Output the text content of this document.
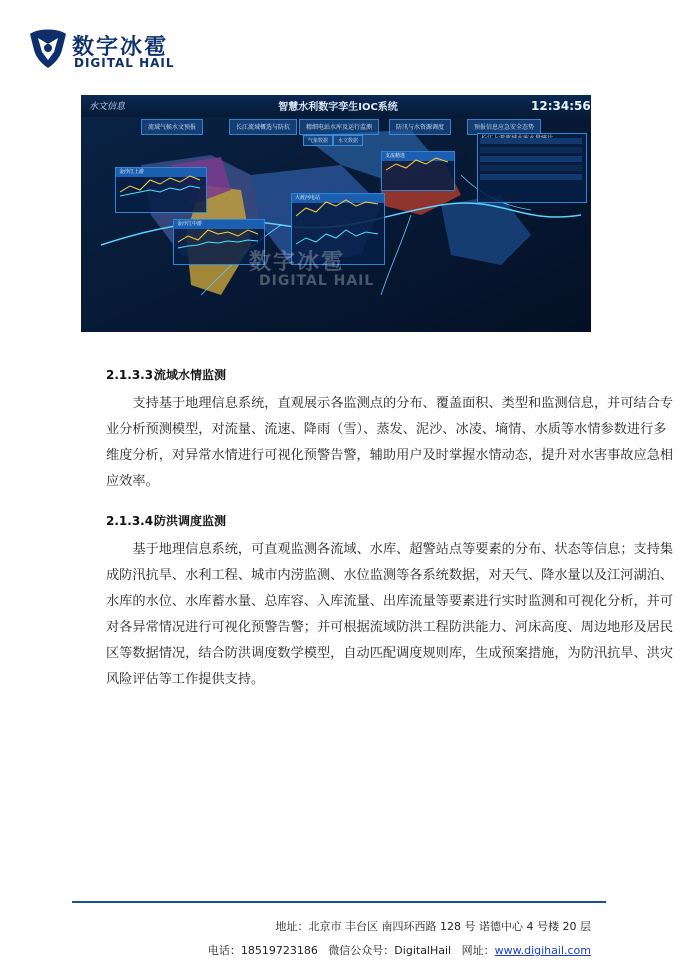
数字冰雹
DIGITAL HAIL
水文信息	智慧水利数字孪生IOC系统	12:34:56
流域气候水文预报	长江流域概选与防抗	精细电站水库及运行监测	防汛与水资源调度	预报信息应急安全态势
气象数据	水文数据
金沙江上游
金沙江中游
大渡河电站
支流精选
数字冰雹
DIGITAL HAIL
2.1.3.3.流域水情监测
支持基于地理信息系统，直观展示各监测点的分布、覆盖面积、类型和监测信息，并可结合专
业分析预测模型，对流量、流速、降雨（雪）、蒸发、泥沙、冰凌、墒情、水质等水情参数进行多
维度分析，对异常水情进行可视化预警告警，辅助用户及时掌握水情动态，提升对水害事故应急相
应效率。
2.1.3.4.防洪调度监测
基于地理信息系统，可直观监测各流域、水库、超警站点等要素的分布、状态等信息；支持集
成防汛抗旱、水利工程、城市内涝监测、水位监测等各系统数据，对天气、降水量以及江河湖泊、
水库的水位、水库蓄水量、总库容、入库流量、出库流量等要素进行实时监测和可视化分析，并可
对各异常情况进行可视化预警告警；并可根据流域防洪工程防洪能力、河床高度、周边地形及居民
区等数据情况，结合防洪调度数学模型，自动匹配调度规则库，生成预案措施，为防汛抗旱、洪灾
风险评估等工作提供支持。
地址：北京市 丰台区 南四环西路 128 号 诺德中心 4 号楼 20 层
电话：18519723186 微信公众号：DigitalHail 网址：www.digihail.com
